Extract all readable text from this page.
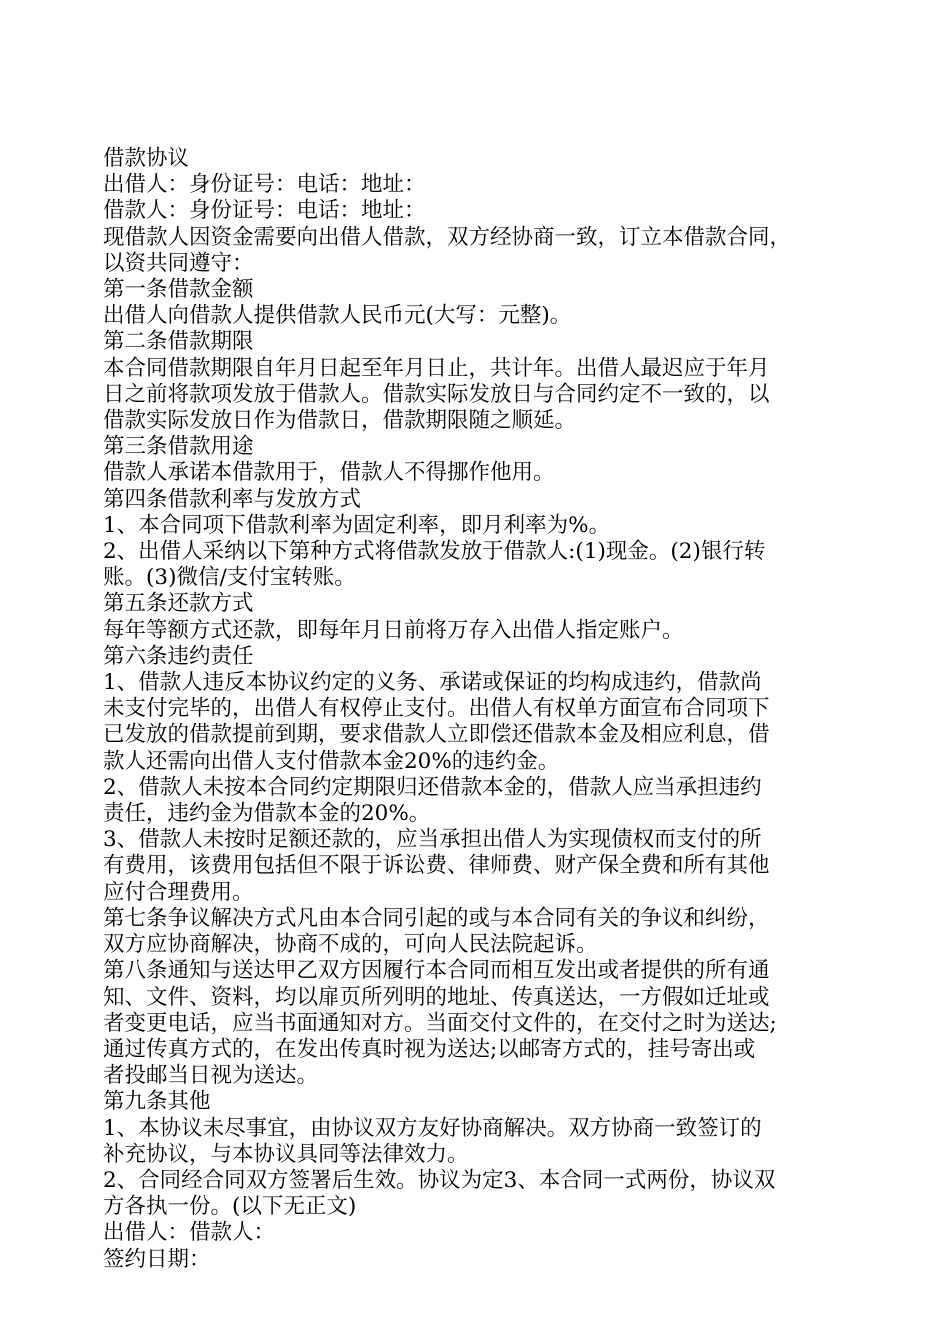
借款协议
出借人：身份证号：电话：地址：
借款人：身份证号：电话：地址：
现借款人因资金需要向出借人借款，双方经协商一致，订立本借款合同，
以资共同遵守：
第一条借款金额
出借人向借款人提供借款人民币元(大写：元整)。
第二条借款期限
本合同借款期限自年月日起至年月日止，共计年。出借人最迟应于年月
日之前将款项发放于借款人。借款实际发放日与合同约定不一致的，以
借款实际发放日作为借款日，借款期限随之顺延。
第三条借款用途
借款人承诺本借款用于，借款人不得挪作他用。
第四条借款利率与发放方式
1、本合同项下借款利率为固定利率，即月利率为%。
2、出借人采纳以下第种方式将借款发放于借款人:(1)现金。(2)银行转
账。(3)微信/支付宝转账。
第五条还款方式
每年等额方式还款，即每年月日前将万存入出借人指定账户。
第六条违约责任
1、借款人违反本协议约定的义务、承诺或保证的均构成违约，借款尚
未支付完毕的，出借人有权停止支付。出借人有权单方面宣布合同项下
已发放的借款提前到期，要求借款人立即偿还借款本金及相应利息，借
款人还需向出借人支付借款本金20%的违约金。
2、借款人未按本合同约定期限归还借款本金的，借款人应当承担违约
责任，违约金为借款本金的20%。
3、借款人未按时足额还款的，应当承担出借人为实现债权而支付的所
有费用，该费用包括但不限于诉讼费、律师费、财产保全费和所有其他
应付合理费用。
第七条争议解决方式凡由本合同引起的或与本合同有关的争议和纠纷，
双方应协商解决，协商不成的，可向人民法院起诉。
第八条通知与送达甲乙双方因履行本合同而相互发出或者提供的所有通
知、文件、资料，均以扉页所列明的地址、传真送达，一方假如迁址或
者变更电话，应当书面通知对方。当面交付文件的，在交付之时为送达;
通过传真方式的，在发出传真时视为送达;以邮寄方式的，挂号寄出或
者投邮当日视为送达。
第九条其他
1、本协议未尽事宜，由协议双方友好协商解决。双方协商一致签订的
补充协议，与本协议具同等法律效力。
2、合同经合同双方签署后生效。协议为定3、本合同一式两份，协议双
方各执一份。(以下无正文)
出借人：借款人：
签约日期：
